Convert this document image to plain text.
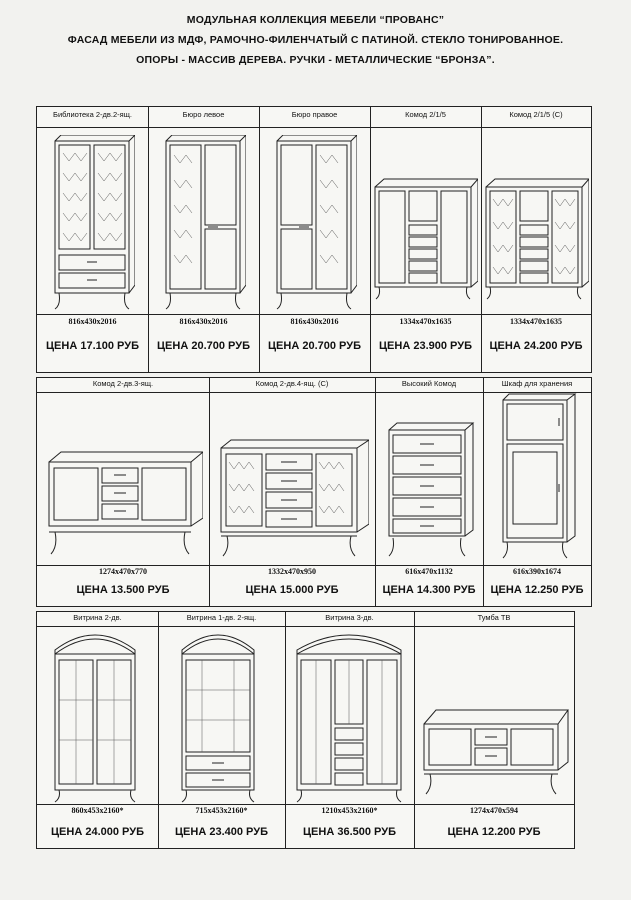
МОДУЛЬНАЯ КОЛЛЕКЦИЯ МЕБЕЛИ “ПРОВАНС”
ФАСАД МЕБЕЛИ ИЗ МДФ, РАМОЧНО-ФИЛЕНЧАТЫЙ С ПАТИНОЙ. СТЕКЛО ТОНИРОВАННОЕ.
ОПОРЫ - МАССИВ ДЕРЕВА. РУЧКИ - МЕТАЛЛИЧЕСКИЕ “БРОНЗА”.
Библиотека 2-дв.2-ящ.
816x430x2016
ЦЕНА 17.100 РУБ
Бюро левое
816x430x2016
ЦЕНА 20.700 РУБ
Бюро правое
816x430x2016
ЦЕНА 20.700 РУБ
Комод 2/1/5
1334x470x1635
ЦЕНА 23.900 РУБ
Комод 2/1/5 (С)
1334x470x1635
ЦЕНА 24.200 РУБ
Комод 2-дв.3-ящ.
1274x470x770
ЦЕНА 13.500 РУБ
Комод 2-дв.4-ящ. (С)
1332x470x950
ЦЕНА 15.000 РУБ
Высокий Комод
616x470x1132
ЦЕНА 14.300 РУБ
Шкаф для хранения
616x390x1674
ЦЕНА 12.250 РУБ
Витрина 2-дв.
860x453x2160*
ЦЕНА 24.000 РУБ
Витрина 1-дв. 2-ящ.
715x453x2160*
ЦЕНА 23.400 РУБ
Витрина 3-дв.
1210x453x2160*
ЦЕНА 36.500 РУБ
Тумба ТВ
1274x470x594
ЦЕНА 12.200 РУБ
